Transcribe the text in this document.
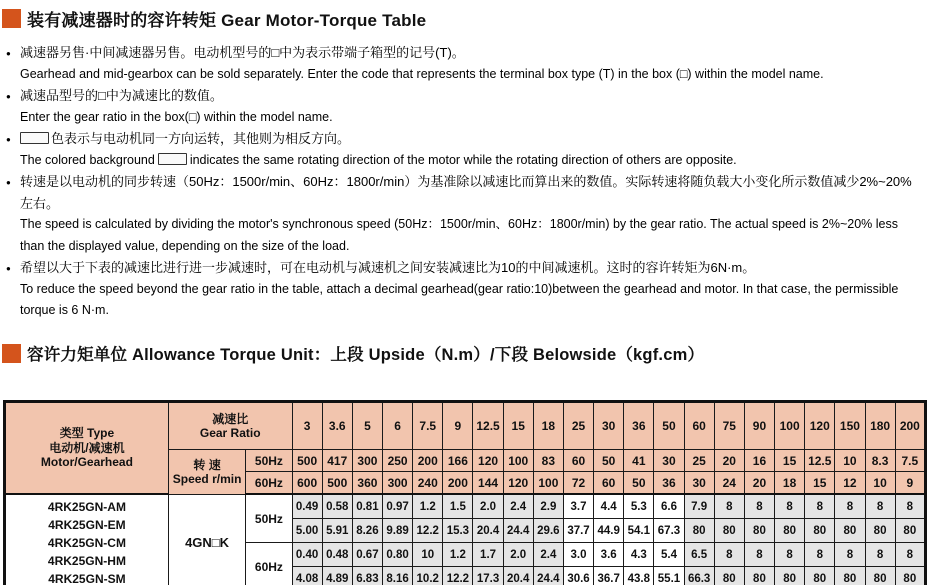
装有减速器时的容许转矩 Gear Motor-Torque Table
● 减速器另售·中间减速器另售。电动机型号的□中为表示带端子箱型的记号(T)。
Gearhead and mid-gearbox can be sold separately. Enter the code that represents the terminal box type (T) in the box (□) within the model name.
● 减速品型号的□中为减速比的数值。
Enter the gear ratio in the box(□) within the model name.
●	色表示与电动机同一方向运转，其他则为相反方向。
The colored background	indicates the same rotating direction of the motor while the rotating direction of others are opposite.
● 转速是以电动机的同步转速（50Hz：1500r/min、60Hz：1800r/min）为基准除以减速比而算出来的数值。实际转速将随负载大小变化所示数值减少2%~20%左右。
The speed is calculated by dividing the motor's synchronous speed (50Hz：1500r/min、60Hz：1800r/min) by the gear ratio. The actual speed is 2%~20% less than the displayed value, depending on the size of the load.
● 希望以大于下表的减速比进行进一步减速时，可在电动机与减速机之间安装减速比为10的中间减速机。这时的容许转矩为6N·m。
To reduce the speed beyond the gear ratio in the table, attach a decimal gearhead(gear ratio:10)between the gearhead and motor. In that case, the permissible torque is 6 N·m.
容许力矩单位 Allowance Torque Unit：上段 Upside（N.m）/下段 Belowside（kgf.cm）
类型 Type
电动机/减速机
Motor/Gearhead

减速比
Gear Ratio	3	3.6	5	6	7.5	9	12.5	15	18	25	30	36	50	60	75	90	100	120	150	180	200

	转 速
Speed r/min	50Hz	500	417	300	250	200	166	120	100	83	60	50	41	30	25	20	16	15	12.5	10	8.3	7.5
		60Hz	600	500	360	300	240	200	144	120	100	72	60	50	36	30	24	20	18	15	12	10	9

4RK25GN-AM
4RK25GN-EM
4RK25GN-CM
4RK25GN-HM
4RK25GN-SM	4GN□K	50Hz	0.49	0.58	0.81	0.97	1.2	1.5	2.0	2.4	2.9	3.7	4.4	5.3	6.6	7.9	8	8	8	8	8	8	8
			5.00	5.91	8.26	9.89	12.2	15.3	20.4	24.4	29.6	37.7	44.9	54.1	67.3	80	80	80	80	80	80	80	80
		60Hz	0.40	0.48	0.67	0.80	10	1.2	1.7	2.0	2.4	3.0	3.6	4.3	5.4	6.5	8	8	8	8	8	8	8
			4.08	4.89	6.83	8.16	10.2	12.2	17.3	20.4	24.4	30.6	36.7	43.8	55.1	66.3	80	80	80	80	80	80	80
